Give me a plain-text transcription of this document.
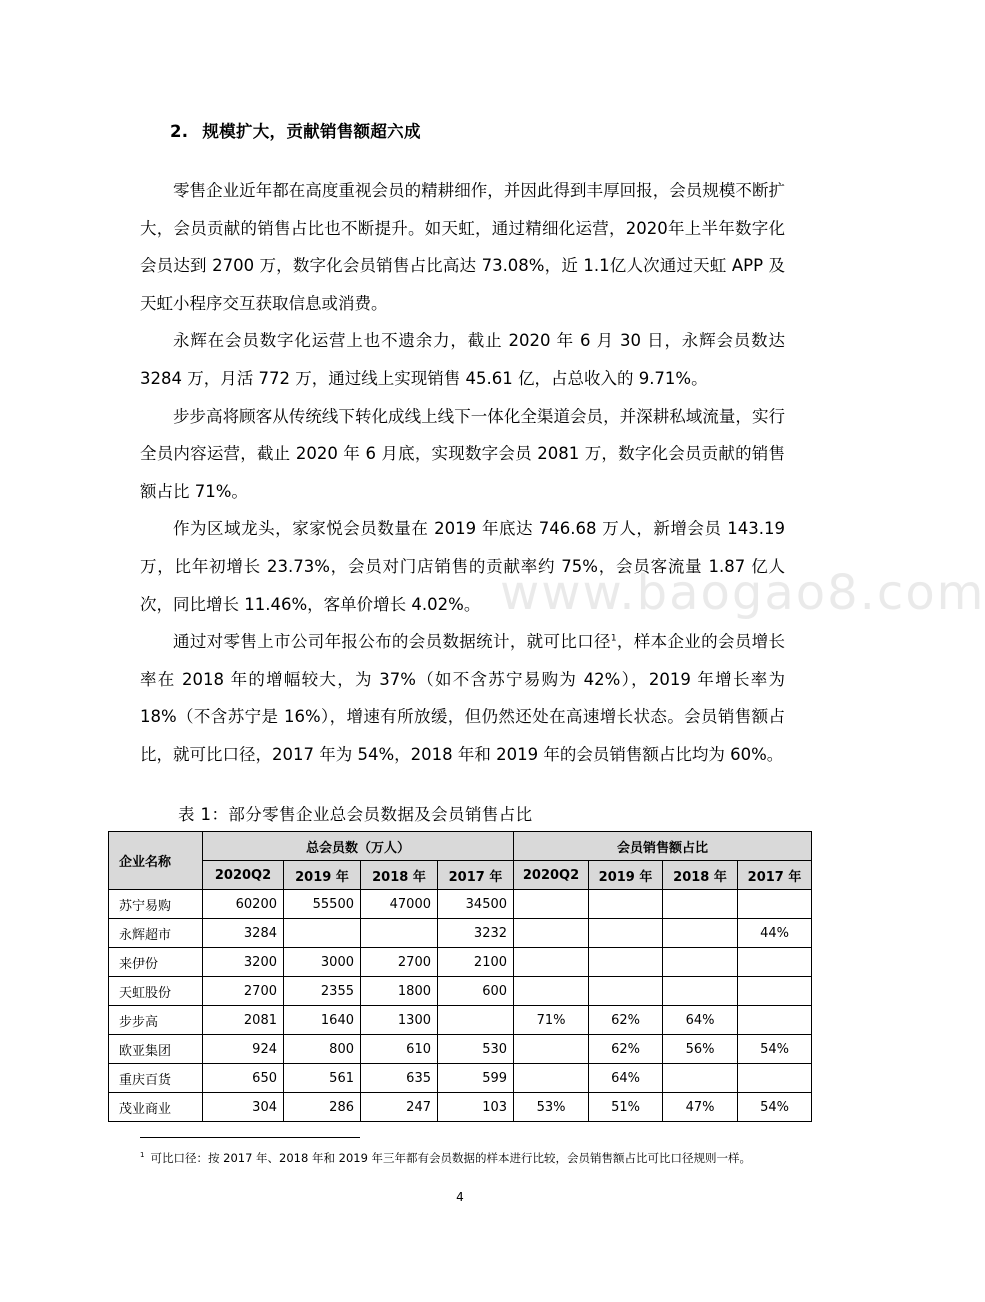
2. 规模扩大，贡献销售额超六成

零售企业近年都在高度重视会员的精耕细作，并因此得到丰厚回报，会员规模不断扩大，会员贡献的销售占比也不断提升。如天虹，通过精细化运营，2020年上半年数字化会员达到 2700 万，数字化会员销售占比高达 73.08%，近 1.1亿人次通过天虹 APP 及天虹小程序交互获取信息或消费。

永辉在会员数字化运营上也不遗余力，截止 2020 年 6 月 30 日，永辉会员数达 3284 万，月活 772 万，通过线上实现销售 45.61 亿，占总收入的 9.71%。

步步高将顾客从传统线下转化成线上线下一体化全渠道会员，并深耕私域流量，实行全员内容运营，截止 2020 年 6 月底，实现数字会员 2081 万，数字化会员贡献的销售额占比 71%。

作为区域龙头，家家悦会员数量在 2019 年底达 746.68 万人，新增会员 143.19 万，比年初增长 23.73%，会员对门店销售的贡献率约 75%，会员客流量 1.87 亿人次，同比增长 11.46%，客单价增长 4.02%。

通过对零售上市公司年报公布的会员数据统计，就可比口径$^1$，样本企业的会员增长率在 2018 年的增幅较大，为 37%（如不含苏宁易购为 42%），2019 年增长率为 18%（不含苏宁是 16%），增速有所放缓，但仍然还处在高速增长状态。会员销售额占比，就可比口径，2017 年为 54%，2018 年和 2019 年的会员销售额占比均为 60%。

www.baogao8.com
表 1：部分零售企业总会员数据及会员销售占比
企业名称	总会员数（万人）				会员销售额占比			
	2020Q2	2019 年	2018 年	2017 年	2020Q2	2019 年	2018 年	2017 年
苏宁易购	60200	55500	47000	34500				
永辉超市	3284			3232				44%
来伊份	3200	3000	2700	2100				
天虹股份	2700	2355	1800	600				
步步高	2081	1640	1300		71%	62%	64%	
欧亚集团	924	800	610	530		62%	56%	54%
重庆百货	650	561	635	599		64%		
茂业商业	304	286	247	103	53%	51%	47%	54%
$^1$ 可比口径：按 2017 年、2018 年和 2019 年三年都有会员数据的样本进行比较，会员销售额占比可比口径规则一样。
4
